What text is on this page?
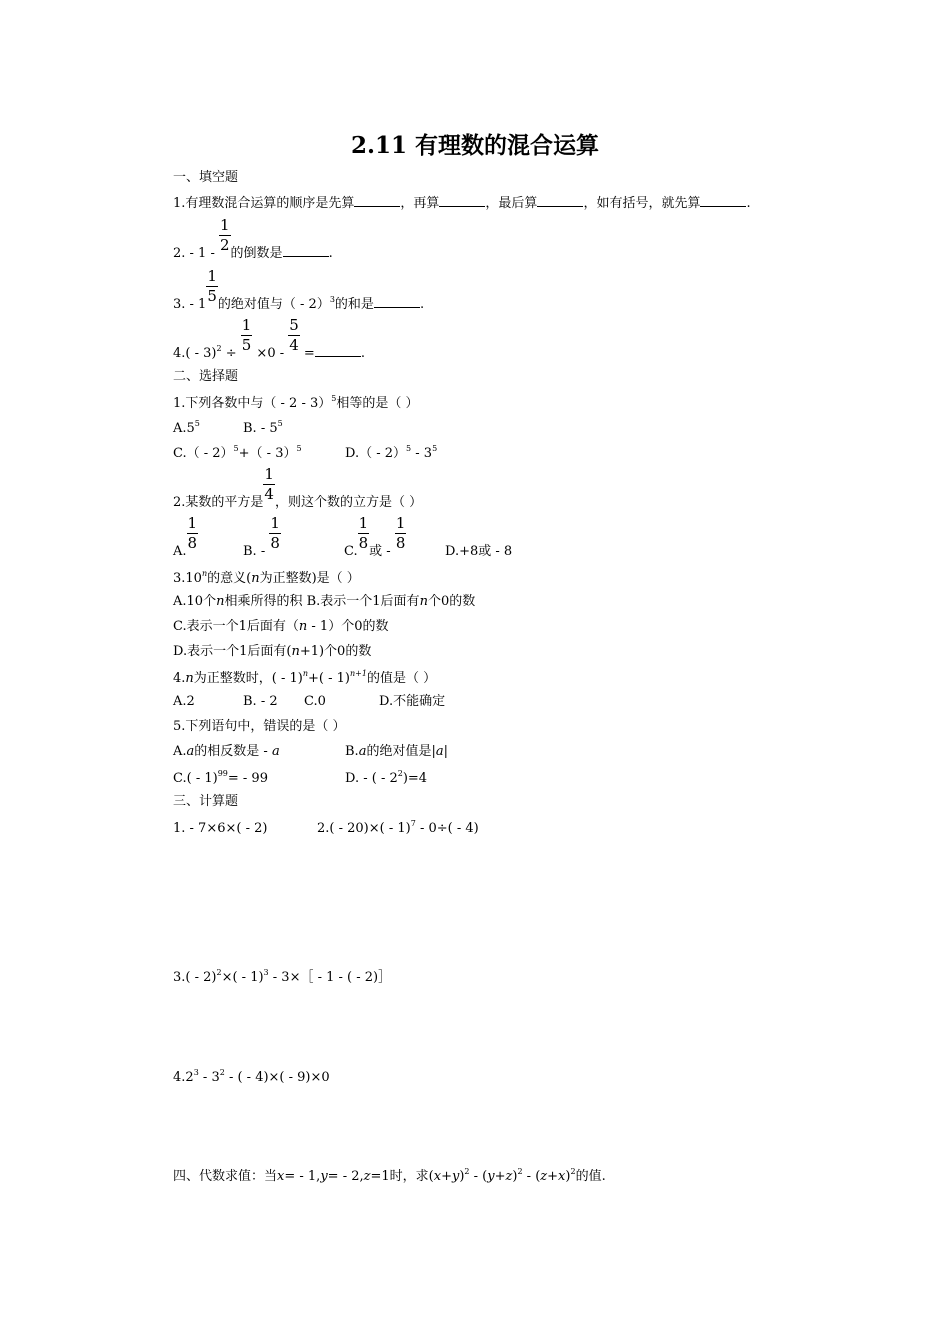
2.11 有理数的混合运算
一、填空题
1.有理数混合运算的顺序是先算	，再算	，最后算	，如有括号，就先算	.
2. - 1 -
$\frac{1}{2}$
的倒数是	.
3. - 1
$\frac{1}{5}$
的绝对值与（ - 2）$^3$的和是	.
4.( - 3)$^2$ ÷
$\frac{1}{5}$
×0 -
$\frac{5}{4}$
=	.
二、选择题
1.下列各数中与（ - 2 - 3）$^5$相等的是（ ）
$A.5^5$	B. - $5^5$
C.（ - 2）$^5$+（ - 3）$^5$	$D.( - 2)^5 - 3^5$
2.某数的平方是
$\frac{1}{4}$
，则这个数的立方是（ ）
A.
$\frac{1}{8}$
B. -
$\frac{1}{8}$
C.
$\frac{1}{8}$
或 -
$\frac{1}{8}$
D.+8或 - 8
3.10$^n$的意义(n为正整数)是（ ）
A.10个n相乘所得的积 B.表示一个1后面有n个0的数
C.表示一个1后面有（n - 1）个0的数
D.表示一个1后面有(n+1)个0的数
4.n为正整数时，( - 1)$^n$+( - 1)$^{n+1}$的值是（ ）
A.2	B. - 2 C.0	D.不能确定
5.下列语句中，错误的是（ ）
A.a的相反数是 - a	B.a的绝对值是|a|
C.( - 1)$^{99}$= - 99	D. - ( - $2^2)=4$
三、计算题
1. - 7×6×( - 2)	2.( - 20)×( - 1)$^7$ - 0÷( - 4)
3.( - 2)$^2$×( - 1)$^3$ - 3×［ - 1 - ( - 2)］
$4.2^3 - 3^2$ - ( - 4)×( - 9)×0
四、代数求值：当x= - 1,y= - 2,z=1时，求$(x+y)^2 - (y+z)^2 - (z+x)^2$的值.
